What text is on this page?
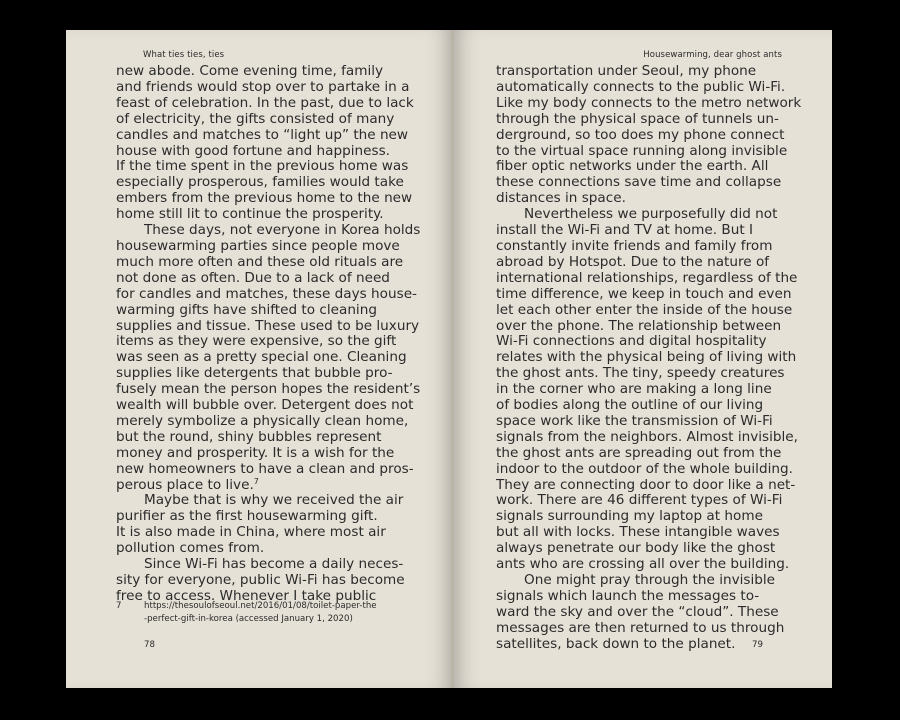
What ties ties, ties
new abode. Come evening time, family
and friends would stop over to partake in a
feast of celebration. In the past, due to lack
of electricity, the gifts consisted of many
candles and matches to “light up” the new
house with good fortune and happiness.
If the time spent in the previous home was
especially prosperous, families would take
embers from the previous home to the new
home still lit to continue the prosperity.
These days, not everyone in Korea holds
housewarming parties since people move
much more often and these old rituals are
not done as often. Due to a lack of need
for candles and matches, these days house-
warming gifts have shifted to cleaning
supplies and tissue. These used to be luxury
items as they were expensive, so the gift
was seen as a pretty special one. Cleaning
supplies like detergents that bubble pro-
fusely mean the person hopes the resident’s
wealth will bubble over. Detergent does not
merely symbolize a physically clean home,
but the round, shiny bubbles represent
money and prosperity. It is a wish for the
new homeowners to have a clean and pros-
perous place to live.$^7$
Maybe that is why we received the air
purifier as the first housewarming gift.
It is also made in China, where most air
pollution comes from.
Since Wi-Fi has become a daily neces-
sity for everyone, public Wi-Fi has become
free to access. Whenever I take public
7	https://thesoulofseoul.net/2016/01/08/toilet-paper-the
-perfect-gift-in-korea (accessed January 1, 2020)
78
Housewarming, dear ghost ants
transportation under Seoul, my phone
automatically connects to the public Wi-Fi.
Like my body connects to the metro network
through the physical space of tunnels un-
derground, so too does my phone connect
to the virtual space running along invisible
fiber optic networks under the earth. All
these connections save time and collapse
distances in space.
Nevertheless we purposefully did not
install the Wi-Fi and TV at home. But I
constantly invite friends and family from
abroad by Hotspot. Due to the nature of
international relationships, regardless of the
time difference, we keep in touch and even
let each other enter the inside of the house
over the phone. The relationship between
Wi-Fi connections and digital hospitality
relates with the physical being of living with
the ghost ants. The tiny, speedy creatures
in the corner who are making a long line
of bodies along the outline of our living
space work like the transmission of Wi-Fi
signals from the neighbors. Almost invisible,
the ghost ants are spreading out from the
indoor to the outdoor of the whole building.
They are connecting door to door like a net-
work. There are 46 different types of Wi-Fi
signals surrounding my laptop at home
but all with locks. These intangible waves
always penetrate our body like the ghost
ants who are crossing all over the building.
One might pray through the invisible
signals which launch the messages to-
ward the sky and over the “cloud”. These
messages are then returned to us through
satellites, back down to the planet.	79
